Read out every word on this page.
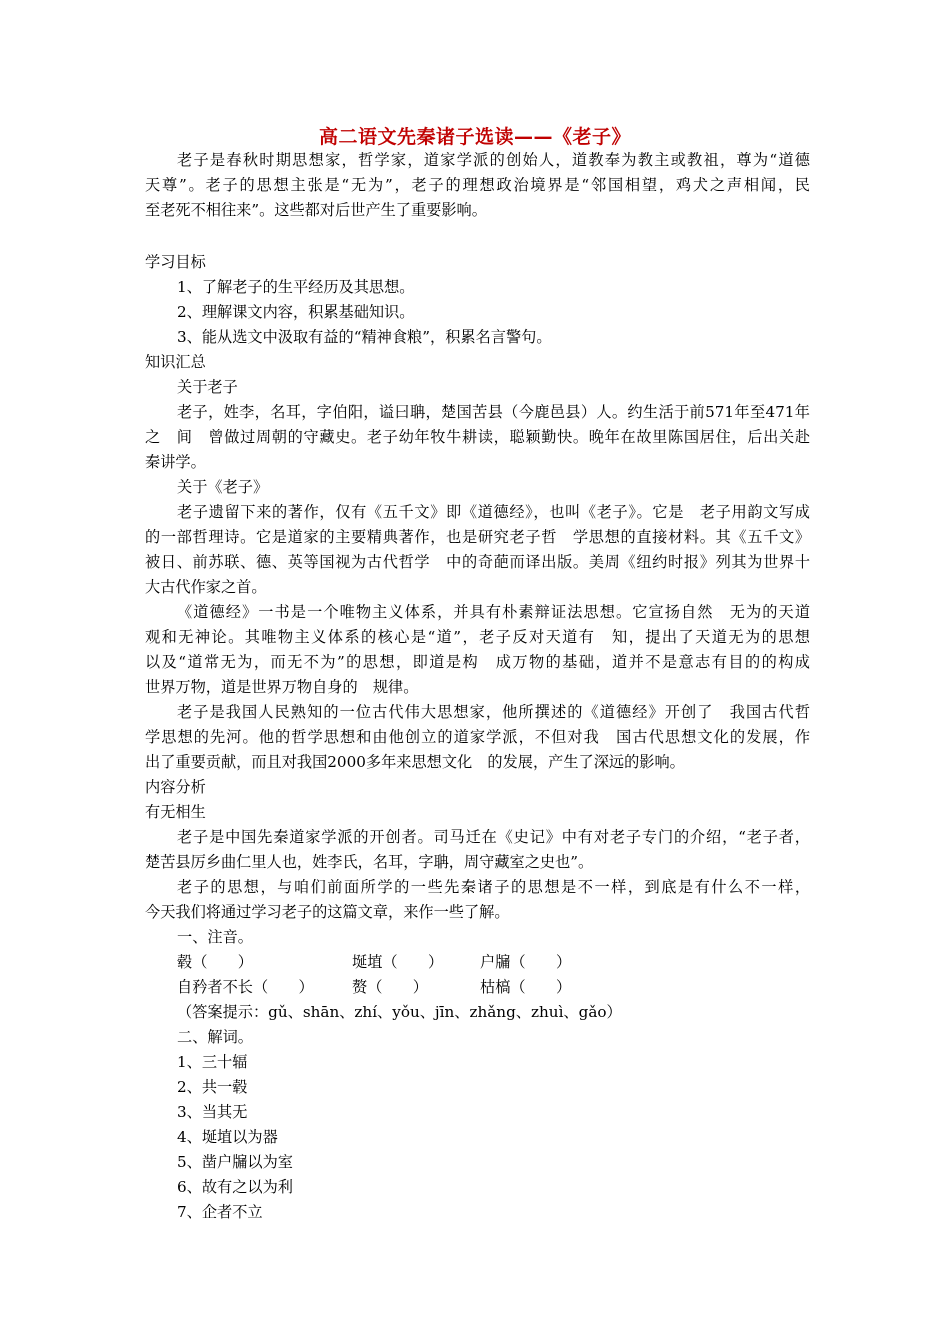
高二语文先秦诸子选读——《老子》
老子是春秋时期思想家，哲学家，道家学派的创始人，道教奉为教主或教祖，尊为“道德
天尊”。老子的思想主张是“无为”，老子的理想政治境界是“邻国相望，鸡犬之声相闻，民
至老死不相往来”。这些都对后世产生了重要影响。
学习目标
1、了解老子的生平经历及其思想。
2、理解课文内容，积累基础知识。
3、能从选文中汲取有益的“精神食粮”，积累名言警句。
知识汇总
关于老子
老子，姓李，名耳，字伯阳，谥曰聃，楚国苦县（今鹿邑县）人。约生活于前571年至471年
之　间　曾做过周朝的守藏史。老子幼年牧牛耕读，聪颖勤快。晚年在故里陈国居住，后出关赴
秦讲学。
关于《老子》
老子遗留下来的著作，仅有《五千文》即《道德经》，也叫《老子》。它是　老子用韵文写成
的一部哲理诗。它是道家的主要精典著作，也是研究老子哲　学思想的直接材料。其《五千文》
被日、前苏联、德、英等国视为古代哲学　中的奇葩而译出版。美周《纽约时报》列其为世界十
大古代作家之首。
《道德经》一书是一个唯物主义体系，并具有朴素辩证法思想。它宣扬自然　无为的天道
观和无神论。其唯物主义体系的核心是“道”，老子反对天道有　知，提出了天道无为的思想
以及“道常无为，而无不为”的思想，即道是构　成万物的基础，道并不是意志有目的的构成
世界万物，道是世界万物自身的　规律。
老子是我国人民熟知的一位古代伟大思想家，他所撰述的《道德经》开创了　我国古代哲
学思想的先河。他的哲学思想和由他创立的道家学派，不但对我　国古代思想文化的发展，作
出了重要贡献，而且对我国2000多年来思想文化　的发展，产生了深远的影响。
内容分析
有无相生
老子是中国先秦道家学派的开创者。司马迁在《史记》中有对老子专门的介绍，“老子者，
楚苦县厉乡曲仁里人也，姓李氏，名耳，字聃，周守藏室之史也”。
老子的思想，与咱们前面所学的一些先秦诸子的思想是不一样，到底是有什么不一样，
今天我们将通过学习老子的这篇文章，来作一些了解。
一、注音。
毂（　　）	埏埴（　　） 户牖（　　）
自矜者不长（　　）	赘（　　）	枯槁（　　）
（答案提示：gǔ、shān、zhí、yǒu、jīn、zhǎng、zhuì、gǎo）
二、解词。
1、三十辐
2、共一毂
3、当其无
4、埏埴以为器
5、凿户牖以为室
6、故有之以为利
7、企者不立
